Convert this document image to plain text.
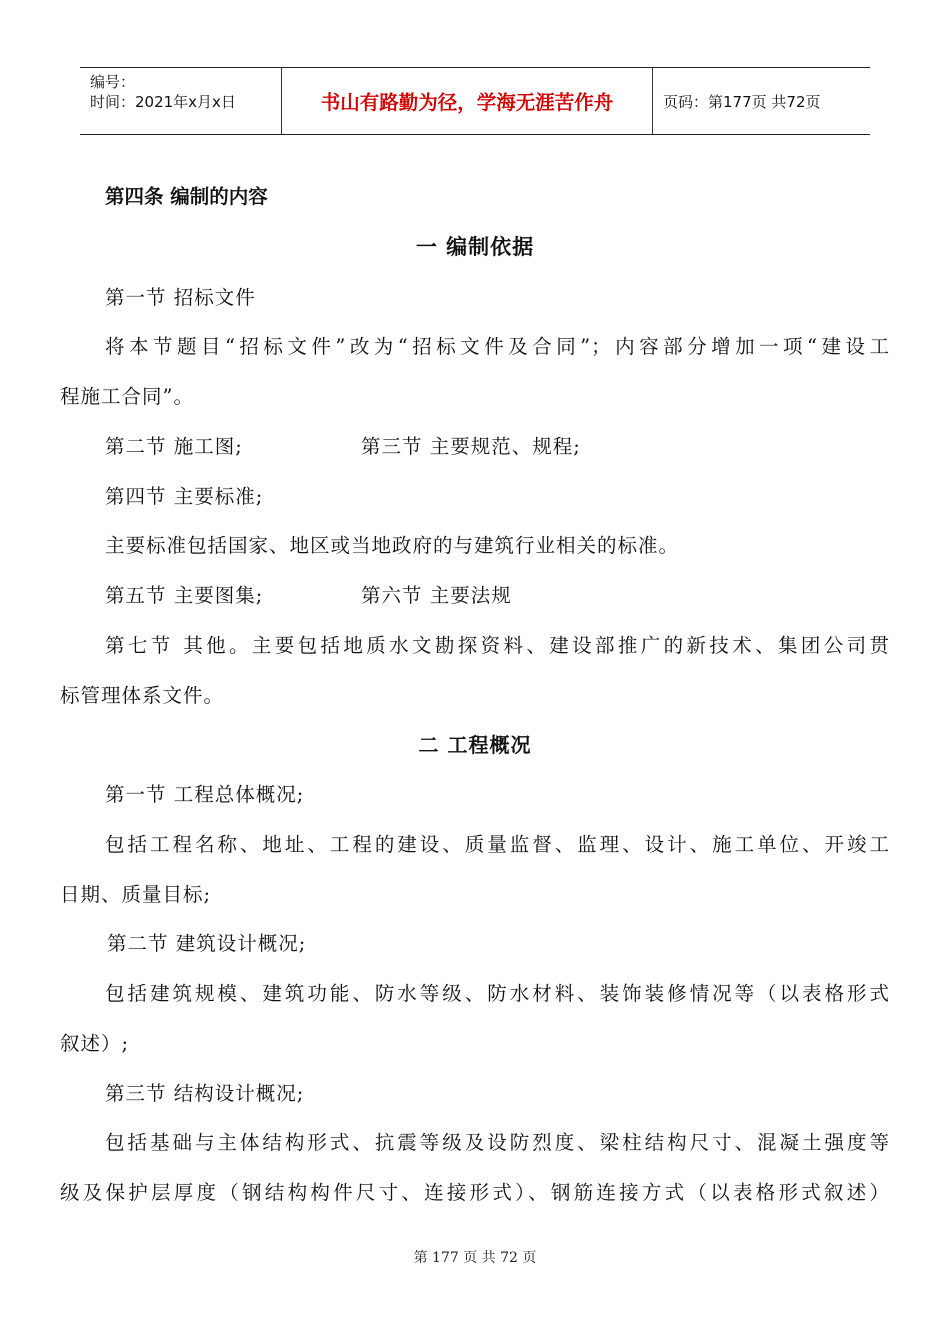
编号：
时间：2021年x月x日	书山有路勤为径，学海无涯苦作舟	页码：第177页 共72页
第四条 编制的内容
一 编制依据
第一节 招标文件
将本节题目“招标文件”改为“招标文件及合同”；内容部分增加一项“建设工
程施工合同”。
第二节 施工图;	第三节 主要规范、规程;
第四节 主要标准;
主要标准包括国家、地区或当地政府的与建筑行业相关的标准。
第五节 主要图集;	第六节 主要法规
第七节 其他。主要包括地质水文勘探资料、建设部推广的新技术、集团公司贯
标管理体系文件。
二 工程概况
第一节 工程总体概况;
包括工程名称、地址、工程的建设、质量监督、监理、设计、施工单位、开竣工
日期、质量目标;
第二节 建筑设计概况;
包括建筑规模、建筑功能、防水等级、防水材料、装饰装修情况等（以表格形式
叙述）;
第三节 结构设计概况;
包括基础与主体结构形式、抗震等级及设防烈度、梁柱结构尺寸、混凝土强度等
级及保护层厚度（钢结构构件尺寸、连接形式）、钢筋连接方式（以表格形式叙述）
第 177 页 共 72 页
